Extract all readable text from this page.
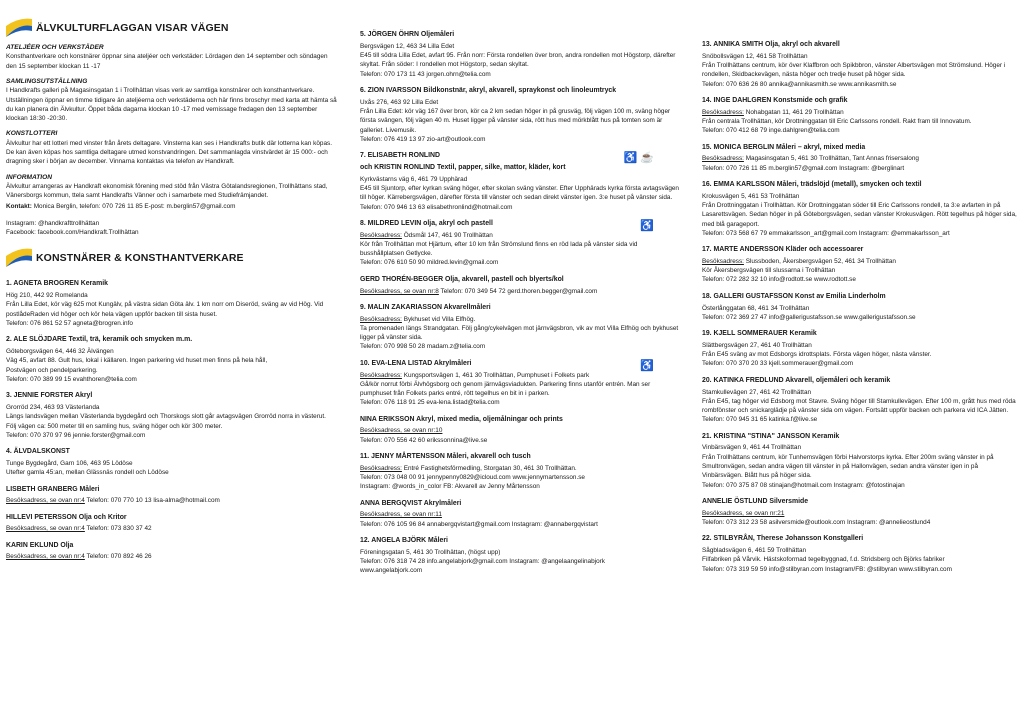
ÄLVKULTURFLAGGAN VISAR VÄGEN
ATELJÉER OCH VERKSTÄDER
Konsthantverkare och konstnärer öppnar sina ateljéer och verkstäder: Lördagen den 14 september och söndagen den 15 september klockan 11 -17
SAMLINGSUTSTÄLLNING
I Handkrafts galleri på Magasinsgatan 1 i Trollhättan visas verk av samtliga konstnärer och konsthantverkare. Utställningen öppnar en timme tidigare än ateljéerna och verkstäderna och här finns broschyr med karta att hämta så du kan planera din Älvkultur. Öppet båda dagarna klockan 10 -17 med vernissage fredagen den 13 september klockan 18:30 -20:30.
KONSTLOTTERI
Älvkultur har ett lotteri med vinster från årets deltagare. Vinsterna kan ses i Handkrafts butik där lotterna kan köpas. De kan även köpas hos samtliga deltagare utmed konstvandringen. Det sammanlagda vinstvärdet är 15 000:- och dragning sker i början av december. Vinnarna kontaktas via telefon av Handkraft.
INFORMATION
Älvkultur arrangeras av Handkraft ekonomisk förening med stöd från Västra Götalandsregionen, Trollhättans stad, Vänersborgs kommun, ttela samt Handkrafts Vänner och i samarbete med Studiefrämjandet.
Kontakt: Monica Berglin, telefon: 070 726 11 85 E-post: m.berglin57@gmail.com
Instagram: @handkrafttrollhättan
Facebook: facebook.com/Handkraft.Trollhättan
KONSTNÄRER & KONSTHANTVERKARE
1. AGNETA BROGREN Keramik
Hög 210, 442 92 Romelanda
Från Lilla Edet, kör väg 625 mot Kungälv, på västra sidan Göta älv. 1 km norr om Diseröd, sväng av vid Hög. Vid postlådeRaden vid höger och kör hela vägen uppför backen till sista huset.
Telefon: 076 861 52 57 agneta@brogren.info
2. ALE SLÖJDARE Textil, trä, keramik och smycken m.m.
Göteborgsvägen 64, 446 32 Älvängen
Väg 45, avfart 88. Gult hus, lokal i källaren. Ingen parkering vid huset men finns på hela håll,
Postvägen och pendelparkering.
Telefon: 070 389 99 15 evahthoren@telia.com
3. JENNIE FORSTER Akryl
Grorröd 234, 463 93 Västerlanda
Längs landsvägen mellan Västerlanda bygdegård och Thorskogs slott går avtagsvägen Grorröd norra in västerut. Följ vägen ca: 500 meter till en samling hus, sväng höger och kör 300 meter.
Telefon: 070 370 97 96 jennie.forster@gmail.com
4. ÄLVDALSKONST
Tunge Bygdegård, Garn 106, 463 95 Lödöse
Utefter gamla 45:an, mellan Glässnäs rondell och Lödöse
LISBETH GRANBERG Måleri
Besöksadress, se ovan nr:4 Telefon: 070 770 10 13 lisa-alma@hotmail.com
HILLEVI PETERSSON Olja och Kritor
Besöksadress, se ovan nr:4 Telefon: 073 830 37 42
KARIN EKLUND Olja
Besöksadress, se ovan nr:4 Telefon: 070 892 46 26
5. JÖRGEN ÖHRN Oljemåleri
Bergsvägen 12, 463 34 Lilla Edet
E45 till södra Lilla Edet, avfart 95. Från norr: Första rondellen över bron, andra rondellen mot Högstorp, därefter skyltat. Från söder: I rondellen mot Högstorp, sedan skyltat.
Telefon: 070 173 11 43 jorgen.ohrn@telia.com
6. ZION IVARSSON Bildkonstnär, akryl, akvarell, spraykonst och linoleumtryck
Uxås 276, 463 92 Lilla Edet
Från Lilla Edet: kör väg 167 över bron, kör ca 2 km sedan höger in på grusväg, följ vägen 100 m, sväng höger första svängen, följ vägen 40 m. Huset ligger på vänster sida, rött hus med mörkblått hus på tomten som är galleriet. Livemusik.
Telefon: 076 419 13 97 zio-art@outlook.com
♿ ☕
7. ELISABETH RONLIND
och KRISTIN RONLIND Textil, papper, silke, mattor, kläder, kort
Kyrkvästarns väg 6, 461 79 Upphärad
E45 till Sjuntorp, efter kyrkan sväng höger, efter skolan sväng vänster. Efter Upphärads kyrka första avtagsvägen till höger. Kärrebergsvägen, därefter första till vänster och sedan direkt vänster igen. 3:e huset på vänster sida.
Telefon: 070 946 13 63 elisabethronlind@hotmail.com
♿
8. MILDRED LEVIN olja, akryl och pastell
Besöksadress: Ödsmål 147, 461 90 Trollhättan
Kör från Trollhättan mot Hjärtum, efter 10 km från Strömslund finns en röd lada på vänster sida vid busshållplatsen Getlycke.
Telefon: 076 610 50 90 mildred.levin@gmail.com
GERD THORÉN-BEGGER Olja, akvarell, pastell och blyerts/kol
Besöksadress, se ovan nr:8 Telefon: 070 349 54 72 gerd.thoren.begger@gmail.com
9. MALIN ZAKARIASSON Akvarellmåleri
Besöksadress: Bykhuset vid Villa Elfhög.
Ta promenaden längs Strandgatan. Följ gång/cykelvägen mot järnvägsbron, vik av mot Villa Elfhög och bykhuset ligger på vänster sida.
Telefon: 070 998 50 28 madam.z@telia.com
♿
10. EVA-LENA LISTAD Akrylmåleri
Besöksadress: Kungsportsvägen 1, 461 30 Trollhättan, Pumphuset i Folkets park
Gå/kör norrut förbi Älvhögsborg och genom järnvägsviadukten. Parkering finns utanför entrén. Man ser pumphuset från Folkets parks entré, rött tegelhus en bit in i parken.
Telefon: 076 118 91 25 eva-lena.listad@telia.com
NINA ERIKSSON Akryl, mixed media, oljemålningar och prints
Besöksadress, se ovan nr:10
Telefon: 070 556 42 60 erikssonnina@live.se
11. JENNY MÅRTENSSON Måleri, akvarell och tusch
Besöksadress: Entré Fastighetsförmedling, Storgatan 30, 461 30 Trollhättan.
Telefon: 073 048 00 91 jennypenny0829@icloud.com www.jennymartensson.se
Instagram: @words_in_color FB: Akvarell av Jenny Mårtensson
ANNA BERGQVIST Akrylmåleri
Besöksadress, se ovan nr:11
Telefon: 076 105 96 84 annabergqvistart@gmail.com Instagram: @annabergqvistart
12. ANGELA BJÖRK Måleri
Föreningsgatan 5, 461 30 Trollhättan, (högst upp)
Telefon: 076 318 74 28 info.angelabjork@gmail.com Instagram: @angelaangelinabjork
www.angelabjork.com
13. ANNIKA SMITH Olja, akryl och akvarell
Snöbollsvägen 12, 461 58 Trollhättan
Från Trollhättans centrum, kör över Klaffbron och Spikbbron, vänster Albertsvägen mot Strömslund. Höger i rondellen, Skidbackevägen, nästa höger och tredje huset på höger sida.
Telefon: 070 636 26 80 annika@annikasmith.se www.annikasmith.se
14. INGE DAHLGREN Konstsmide och grafik
Besöksadress: Nohabgatan 11, 461 29 Trollhättan
Från centrala Trollhättan, kör Drottninggatan till Eric Carlssons rondell. Rakt fram till Innovatum.
Telefon: 070 412 68 79 inge.dahlgren@telia.com
15. MONICA BERGLIN Måleri – akryl, mixed media
Besöksadress: Magasinsgatan 5, 461 30 Trollhättan, Tant Annas frisersalong
Telefon: 070 726 11 85 m.berglin57@gmail.com Instagram: @berglinart
16. EMMA KARLSSON Måleri, trädslöjd (metall), smycken och textil
Krokusvägen 5, 461 53 Trollhättan
Från Drottninggatan i Trollhättan. Kör Drottninggatan söder till Eric Carlssons rondell, ta 3:e avfarten in på Lasarettsvägen. Sedan höger in på Göteborgsvägen, sedan vänster Krokusvägen. Rött tegelhus på höger sida, med blå garageport.
Telefon: 073 568 67 79 emmakarlsson_art@gmail.com Instagram: @emmakarlsson_art
17. MARTE ANDERSSON Kläder och accessoarer
Besöksadress: Slussboden, Åkersbergsvägen 52, 461 34 Trollhättan
Kör Åkersbergsvägen till slussarna i Trollhättan
Telefon: 072 282 32 10 info@rodtott.se www.rodtott.se
18. GALLERI GUSTAFSSON Konst av Emilia Linderholm
Österlånggatan 68, 461 34 Trollhättan
Telefon: 072 369 27 47 info@gallerigustafsson.se www.gallerigustafsson.se
19. KJELL SOMMERAUER Keramik
Slättbergsvägen 27, 461 40 Trollhättan
Från E45 sväng av mot Edsborgs idrottsplats. Första vägen höger, nästa vänster.
Telefon: 070 370 20 33 kjell.sommerauer@gmail.com
20. KATINKA FREDLUND Akvarell, oljemåleri och keramik
Stamkullevägen 27, 461 42 Trollhättan
Från E45, tag höger vid Edsborg mot Stavre. Sväng höger till Stamkullevägen. Efter 100 m, grått hus med röda rombfönster och snickarglädje på vänster sida om vägen. Fortsätt uppför backen och parkera vid ICA Jätten. Telefon: 070 945 31 65 katinka.f@live.se
21. KRISTINA "STINA" JANSSON Keramik
Vinbärsvägen 9, 461 44 Trollhättan
Från Trollhättans centrum, kör Tunhemsvägen förbi Halvorstorps kyrka. Efter 200m sväng vänster in på Smultronvägen, sedan andra vägen till vänster in på Hallonvägen, sedan andra vänster igen in på Vinbärsvägen. Blått hus på höger sida.
Telefon: 070 375 87 08 stinajan@hotmail.com Instagram: @fotostinajan
ANNELIE ÖSTLUND Silversmide
Besöksadress, se ovan nr:21
Telefon: 073 312 23 58 asilversmide@outlook.com Instagram: @annelieostlund4
22. STILBYRÅN, Therese Johansson Konstgalleri
Sågbladsvägen 6, 461 59 Trollhättan
Filfabriken på Vårvik. Hästskoformad tegelbyggnad, f.d. Stridsberg och Björks fabriker
Telefon: 073 319 59 59 info@stilbyran.com Instagram/FB: @stilbyran www.stilbyran.com
